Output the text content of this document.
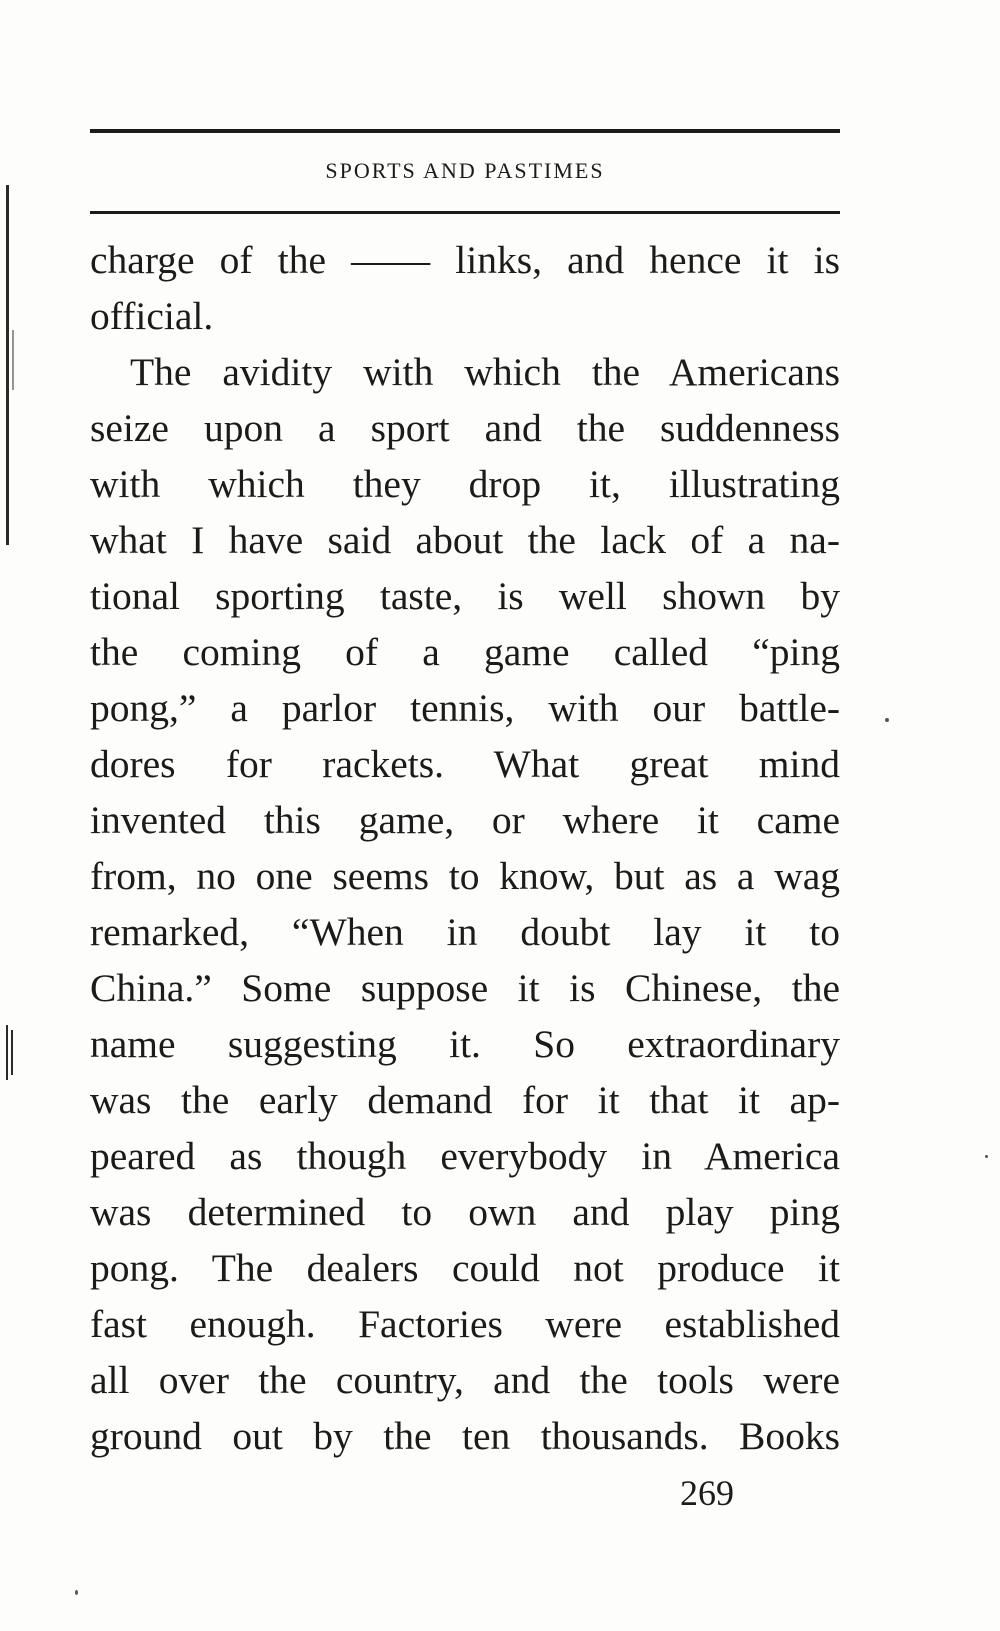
SPORTS AND PASTIMES
charge of the —— links, and hence it is
official.
The avidity with which the Americans
seize upon a sport and the suddenness
with which they drop it, illustrating
what I have said about the lack of a na-
tional sporting taste, is well shown by
the coming of a game called “ping
pong,” a parlor tennis, with our battle-
dores for rackets. What great mind
invented this game, or where it came
from, no one seems to know, but as a wag
remarked, “When in doubt lay it to
China.” Some suppose it is Chinese, the
name suggesting it. So extraordinary
was the early demand for it that it ap-
peared as though everybody in America
was determined to own and play ping
pong. The dealers could not produce it
fast enough. Factories were established
all over the country, and the tools were
ground out by the ten thousands. Books
269
